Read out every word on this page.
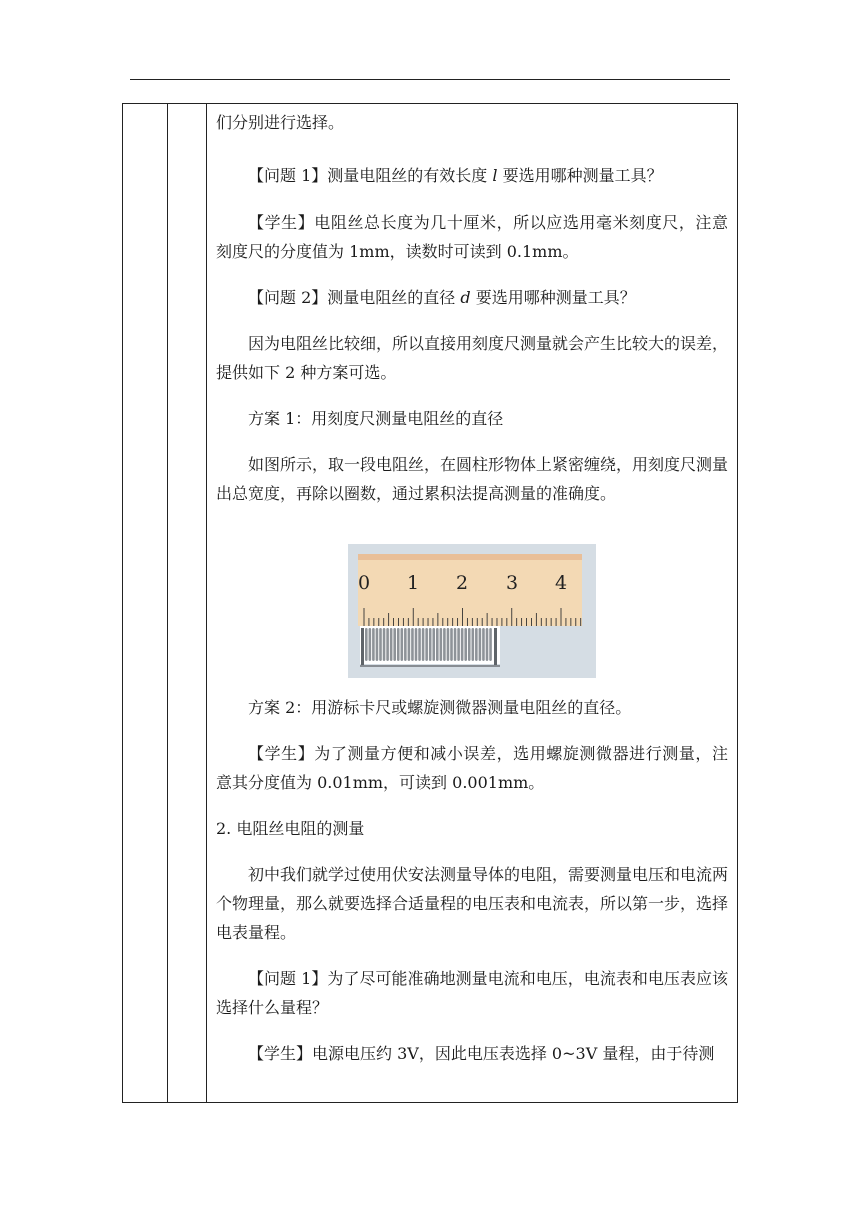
们分别进行选择。

【问题 1】测量电阻丝的有效长度 l 要选用哪种测量工具？

【学生】电阻丝总长度为几十厘米，所以应选用毫米刻度尺，注意刻度尺的分度值为 1mm，读数时可读到 0.1mm。

【问题 2】测量电阻丝的直径 d 要选用哪种测量工具？

因为电阻丝比较细，所以直接用刻度尺测量就会产生比较大的误差，提供如下 2 种方案可选。

方案 1：用刻度尺测量电阻丝的直径

如图所示，取一段电阻丝，在圆柱形物体上紧密缠绕，用刻度尺测量出总宽度，再除以圈数，通过累积法提高测量的准确度。

方案 2：用游标卡尺或螺旋测微器测量电阻丝的直径。

【学生】为了测量方便和减小误差，选用螺旋测微器进行测量，注意其分度值为 0.01mm，可读到 0.001mm。

2. 电阻丝电阻的测量

初中我们就学过使用伏安法测量导体的电阻，需要测量电压和电流两个物理量，那么就要选择合适量程的电压表和电流表，所以第一步，选择电表量程。

【问题 1】为了尽可能准确地测量电流和电压，电流表和电压表应该选择什么量程？

【学生】电源电压约 3V，因此电压表选择 0~3V 量程，由于待测

0 1 2 3 4
